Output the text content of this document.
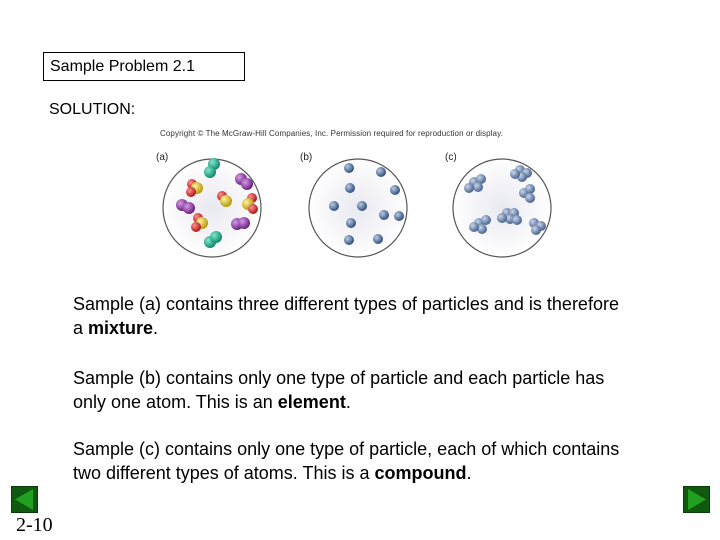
Sample Problem 2.1
SOLUTION:
Copyright © The McGraw-Hill Companies, Inc. Permission required for reproduction or display.
(a)	(b)	(c)
Sample (a) contains three different types of particles and is therefore a mixture.
Sample (b) contains only one type of particle and each particle has only one atom. This is an element.
Sample (c) contains only one type of particle, each of which contains two different types of atoms. This is a compound.
2-10
